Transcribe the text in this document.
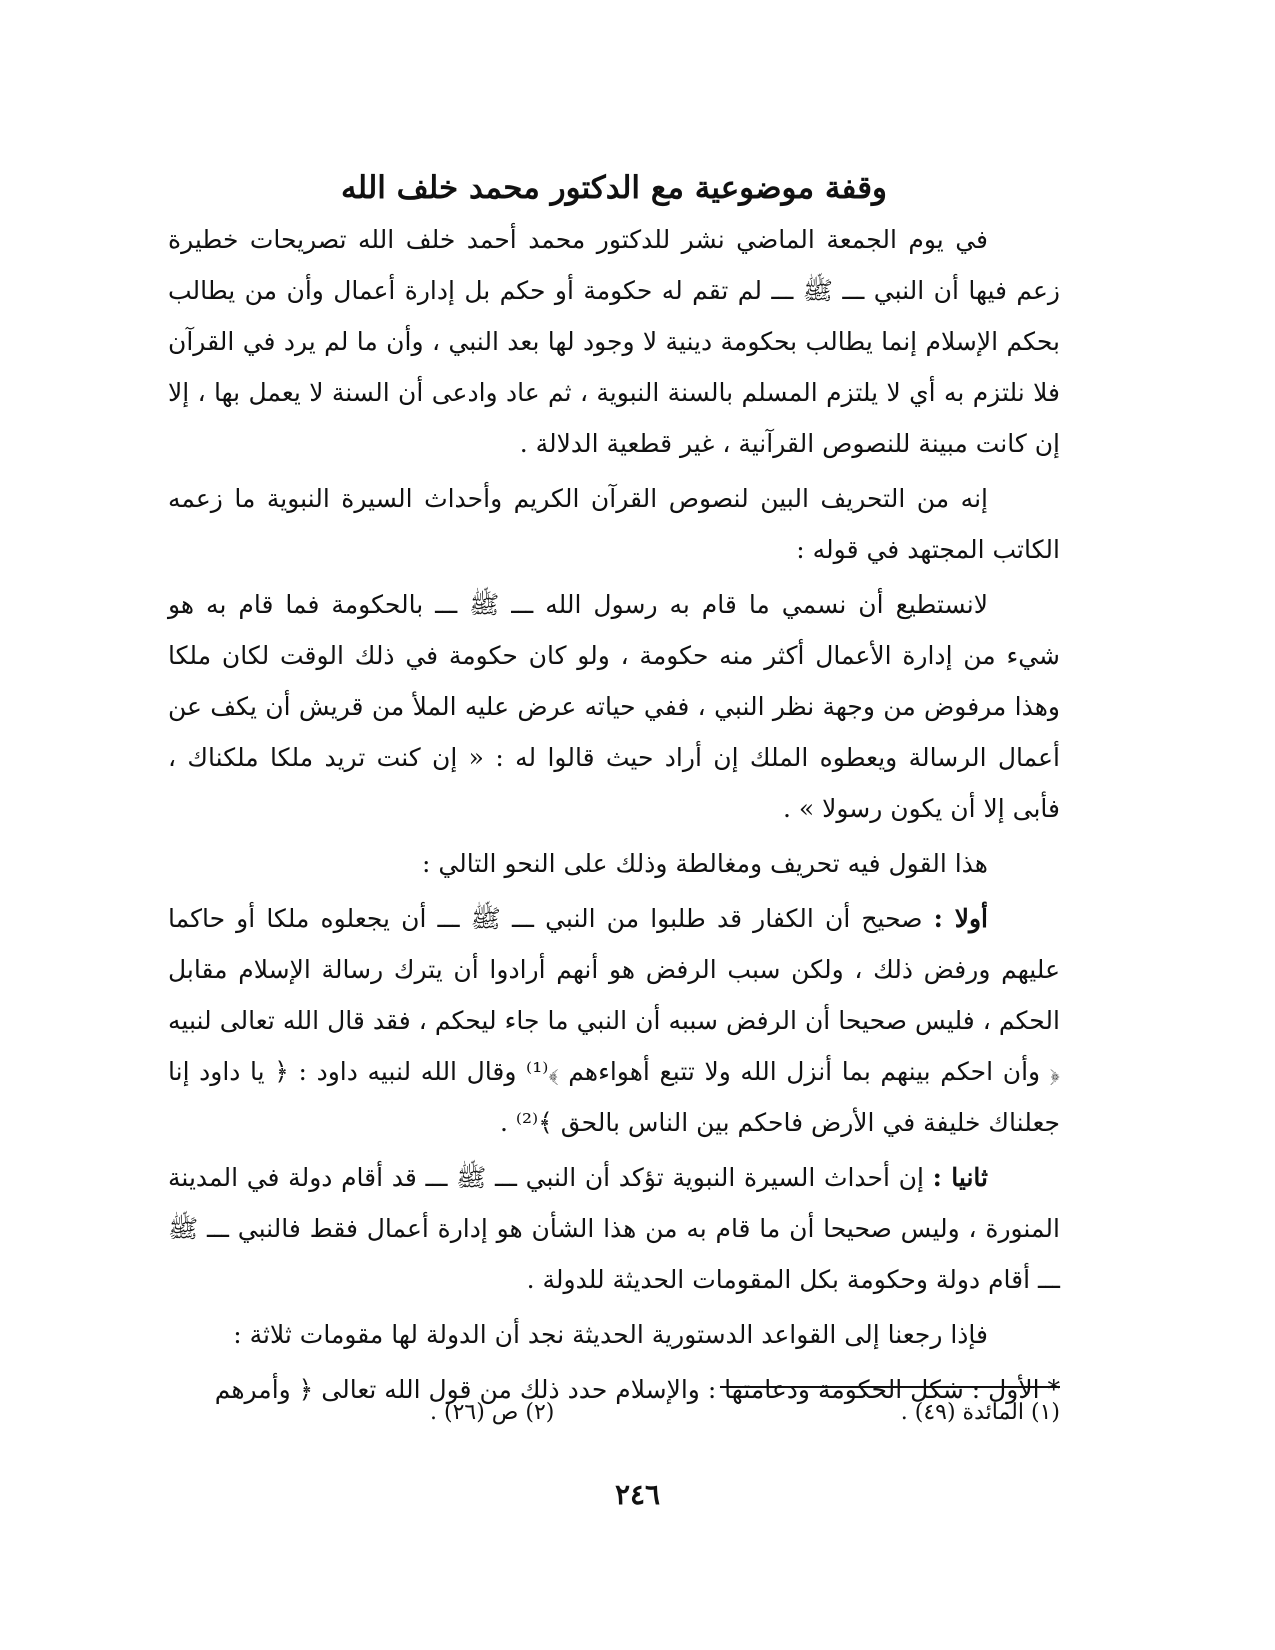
وقفة موضوعية مع الدكتور محمد خلف الله

في يوم الجمعة الماضي نشر للدكتور محمد أحمد خلف الله تصريحات خطيرة زعم فيها أن النبي ـــ ﷺ ـــ لم تقم له حكومة أو حكم بل إدارة أعمال وأن من يطالب بحكم الإسلام إنما يطالب بحكومة دينية لا وجود لها بعد النبي ، وأن ما لم يرد في القرآن فلا نلتزم به أي لا يلتزم المسلم بالسنة النبوية ، ثم عاد وادعى أن السنة لا يعمل بها ، إلا إن كانت مبينة للنصوص القرآنية ، غير قطعية الدلالة .

إنه من التحريف البين لنصوص القرآن الكريم وأحداث السيرة النبوية ما زعمه الكاتب المجتهد في قوله :

لانستطيع أن نسمي ما قام به رسول الله ـــ ﷺ ـــ بالحكومة فما قام به هو شيء من إدارة الأعمال أكثر منه حكومة ، ولو كان حكومة في ذلك الوقت لكان ملكا وهذا مرفوض من وجهة نظر النبي ، ففي حياته عرض عليه الملأ من قريش أن يكف عن أعمال الرسالة ويعطوه الملك إن أراد حيث قالوا له : « إن كنت تريد ملكا ملكناك ، فأبى إلا أن يكون رسولا » .

هذا القول فيه تحريف ومغالطة وذلك على النحو التالي :

أولا : صحيح أن الكفار قد طلبوا من النبي ـــ ﷺ ـــ أن يجعلوه ملكا أو حاكما عليهم ورفض ذلك ، ولكن سبب الرفض هو أنهم أرادوا أن يترك رسالة الإسلام مقابل الحكم ، فليس صحيحا أن الرفض سببه أن النبي ما جاء ليحكم ، فقد قال الله تعالى لنبيه ﴿ وأن احكم بينهم بما أنزل الله ولا تتبع أهواءهم ﴾⁽¹⁾ وقال الله لنبيه داود : ﴿ يا داود إنا جعلناك خليفة في الأرض فاحكم بين الناس بالحق ﴾⁽²⁾ .

ثانيا : إن أحداث السيرة النبوية تؤكد أن النبي ـــ ﷺ ـــ قد أقام دولة في المدينة المنورة ، وليس صحيحا أن ما قام به من هذا الشأن هو إدارة أعمال فقط فالنبي ـــ ﷺ ـــ أقام دولة وحكومة بكل المقومات الحديثة للدولة .

فإذا رجعنا إلى القواعد الدستورية الحديثة نجد أن الدولة لها مقومات ثلاثة :

* الأول : شكل الحكومة ودعامتها : والإسلام حدد ذلك من قول الله تعالى ﴿ وأمرهم

(١) المائدة (٤٩) .
(٢) ص (٢٦) .
٢٤٦
